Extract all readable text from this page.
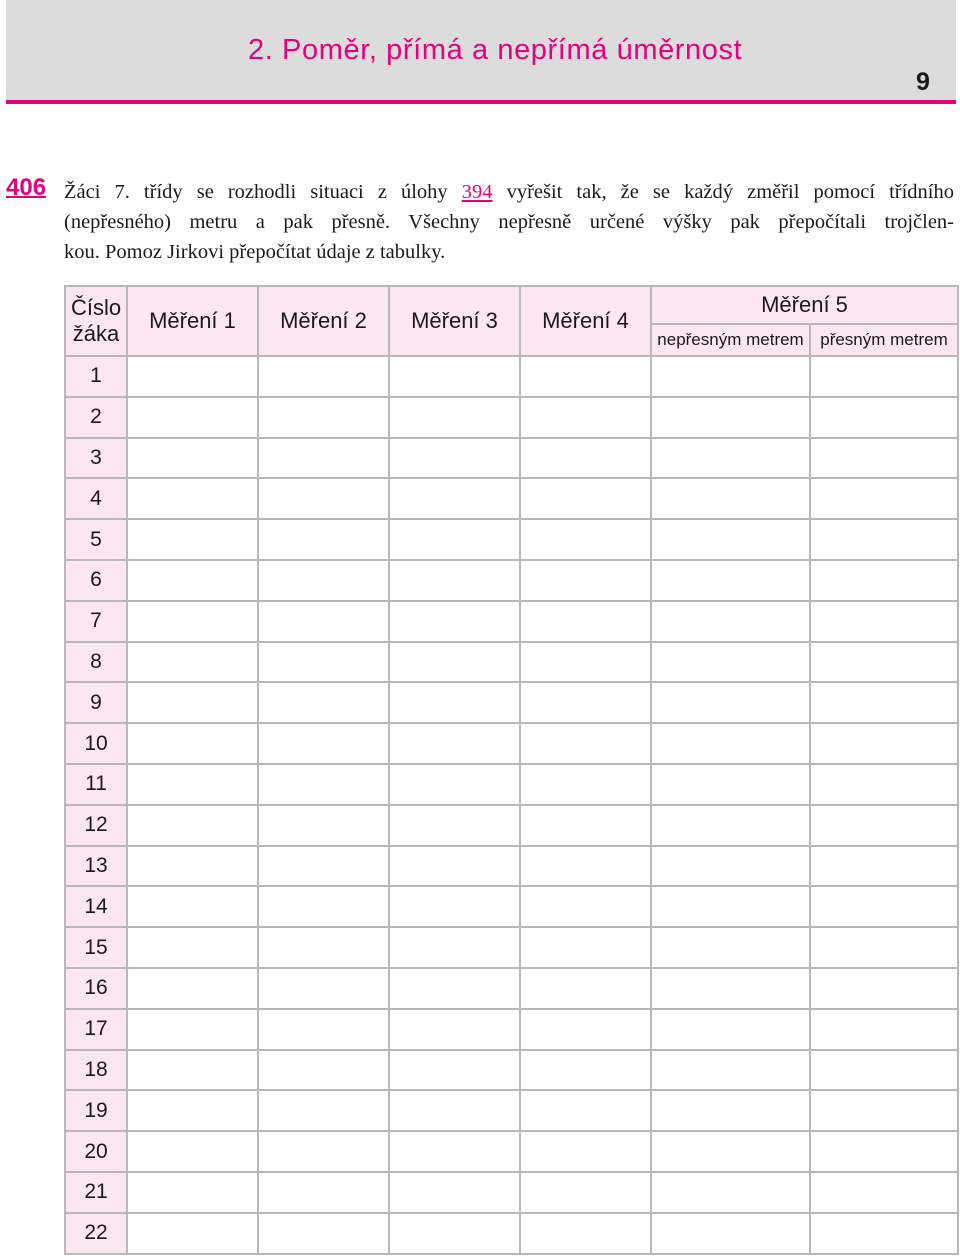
2. Poměr, přímá a nepřímá úměrnost
9
406 Žáci 7. třídy se rozhodli situaci z úlohy 394 vyřešit tak, že se každý změřil pomocí třídního
(nepřesného) metru a pak přesně. Všechny nepřesně určené výšky pak přepočítali trojčlen-
kou. Pomoz Jirkovi přepočítat údaje z tabulky.
Číslo
žáka	Měření 1	Měření 2	Měření 3	Měření 4	Měření 5	
					nepřesným metrem	přesným metrem
1						
2						
3						
4						
5						
6						
7						
8						
9						
10						
11						
12						
13						
14						
15						
16						
17						
18						
19						
20						
21						
22						
